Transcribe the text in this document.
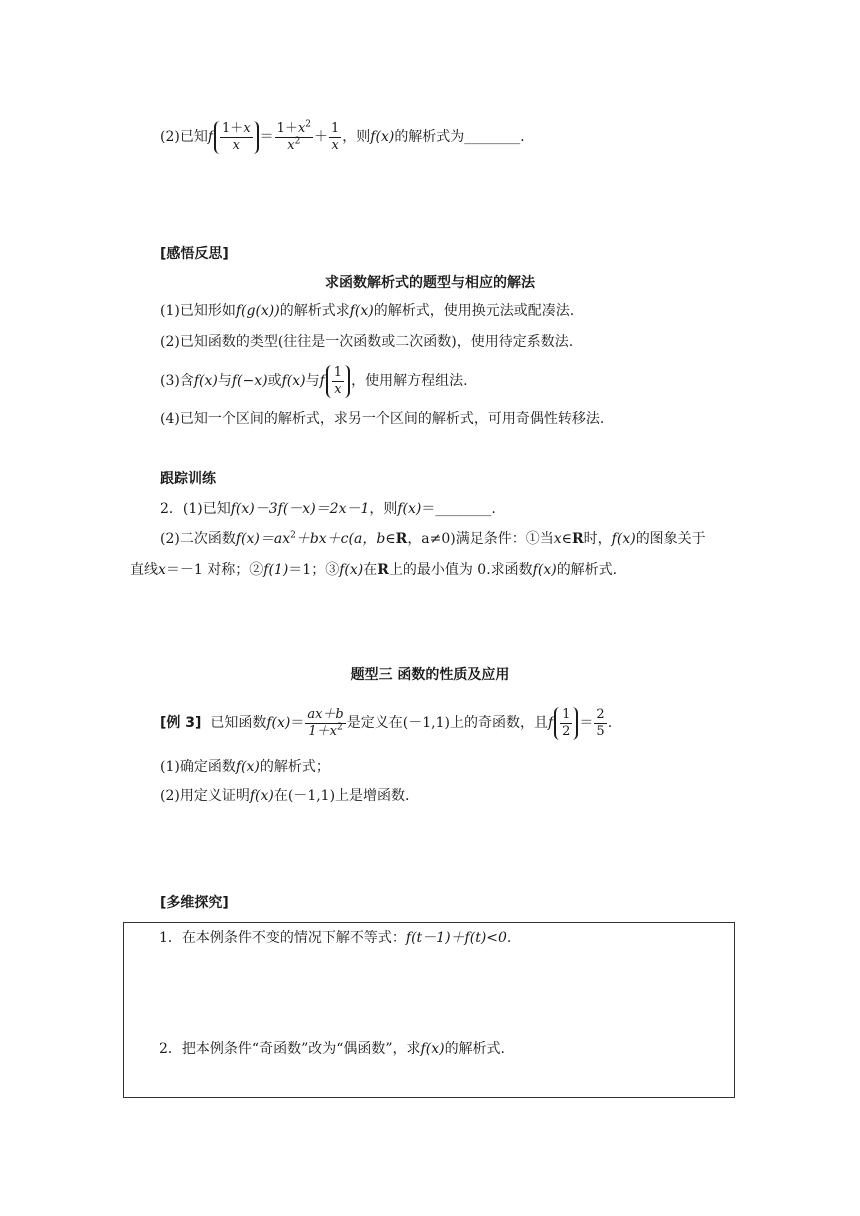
(2)已知f $\frac{1+x}{x} = \frac{1+x^2}{x^2} + \frac{1}{x}$ ，则f(x)的解析式为________．
[感悟反思]
求函数解析式的题型与相应的解法
(1)已知形如f(g(x))的解析式求f(x)的解析式，使用换元法或配凑法.
(2)已知函数的类型(往往是一次函数或二次函数)，使用待定系数法.
(3)含f(x)与f(−x)或f(x)与f $\frac{1}{x}$ ，使用解方程组法.
(4)已知一个区间的解析式，求另一个区间的解析式，可用奇偶性转移法.
跟踪训练
2．(1)已知f(x)－3f(－x)＝2x－1，则f(x)＝________.
(2)二次函数$f(x)=ax^2+bx+c(a$，b∈R，a≠0)满足条件：①当x∈R时，f(x)的图象关于
直线x＝－1 对称；②f(1)＝1；③f(x)在R上的最小值为 0.求函数f(x)的解析式.
题型三 函数的性质及应用
[例 3] 已知函数$f(x)= \frac{ax+b}{1+x^2}$ 是定义在(－1,1)上的奇函数，且f $\frac{1}{2} = \frac{2}{5}$ .
(1)确定函数f(x)的解析式；
(2)用定义证明f(x)在(－1,1)上是增函数.
[多维探究]
1．在本例条件不变的情况下解不等式：f(t－1)＋f(t)<0.
2．把本例条件“奇函数”改为“偶函数”，求f(x)的解析式.
